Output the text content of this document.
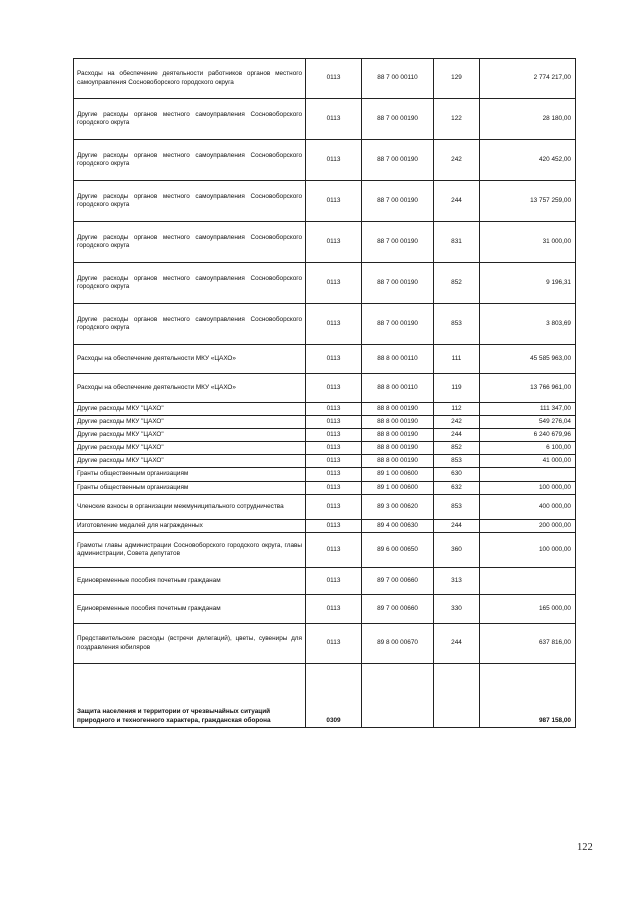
Расходы на обеспечение деятельности работников органов местного самоуправления Сосновоборского городского округа	0113	88 7 00 00110	129	2 774 217,00
Другие расходы органов местного самоуправления Сосновоборского городского округа	0113	88 7 00 00190	122	28 180,00
Другие расходы органов местного самоуправления Сосновоборского городского округа	0113	88 7 00 00190	242	420 452,00
Другие расходы органов местного самоуправления Сосновоборского городского округа	0113	88 7 00 00190	244	13 757 259,00
Другие расходы органов местного самоуправления Сосновоборского городского округа	0113	88 7 00 00190	831	31 000,00
Другие расходы органов местного самоуправления Сосновоборского городского округа	0113	88 7 00 00190	852	9 196,31
Другие расходы органов местного самоуправления Сосновоборского городского округа	0113	88 7 00 00190	853	3 803,69
Расходы на обеспечение деятельности МКУ «ЦАХО»	0113	88 8 00 00110	111	45 585 963,00
Расходы на обеспечение деятельности МКУ «ЦАХО»	0113	88 8 00 00110	119	13 766 961,00
Другие расходы МКУ "ЦАХО"	0113	88 8 00 00190	112	111 347,00
Другие расходы МКУ "ЦАХО"	0113	88 8 00 00190	242	549 276,04
Другие расходы МКУ "ЦАХО"	0113	88 8 00 00190	244	6 240 679,96
Другие расходы МКУ "ЦАХО"	0113	88 8 00 00190	852	6 100,00
Другие расходы МКУ "ЦАХО"	0113	88 8 00 00190	853	41 000,00
Гранты общественным организациям	0113	89 1 00 00600	630	
Гранты общественным организациям	0113	89 1 00 00600	632	100 000,00
Членские взносы в организации межмуниципального сотрудничества	0113	89 3 00 00620	853	400 000,00
Изготовление медалей для награжденных	0113	89 4 00 00630	244	200 000,00
Грамоты главы администрации Сосновоборского городского округа, главы администрации, Совета депутатов	0113	89 6 00 00650	360	100 000,00
Единовременные пособия почетным гражданам	0113	89 7 00 00660	313	
Единовременные пособия почетным гражданам	0113	89 7 00 00660	330	165 000,00
Представительские расходы (встречи делегаций), цветы, сувениры для поздравления юбиляров	0113	89 8 00 00670	244	637 816,00
Защита населения и территории от чрезвычайных ситуаций природного и техногенного характера, гражданская оборона	0309			987 158,00
122
